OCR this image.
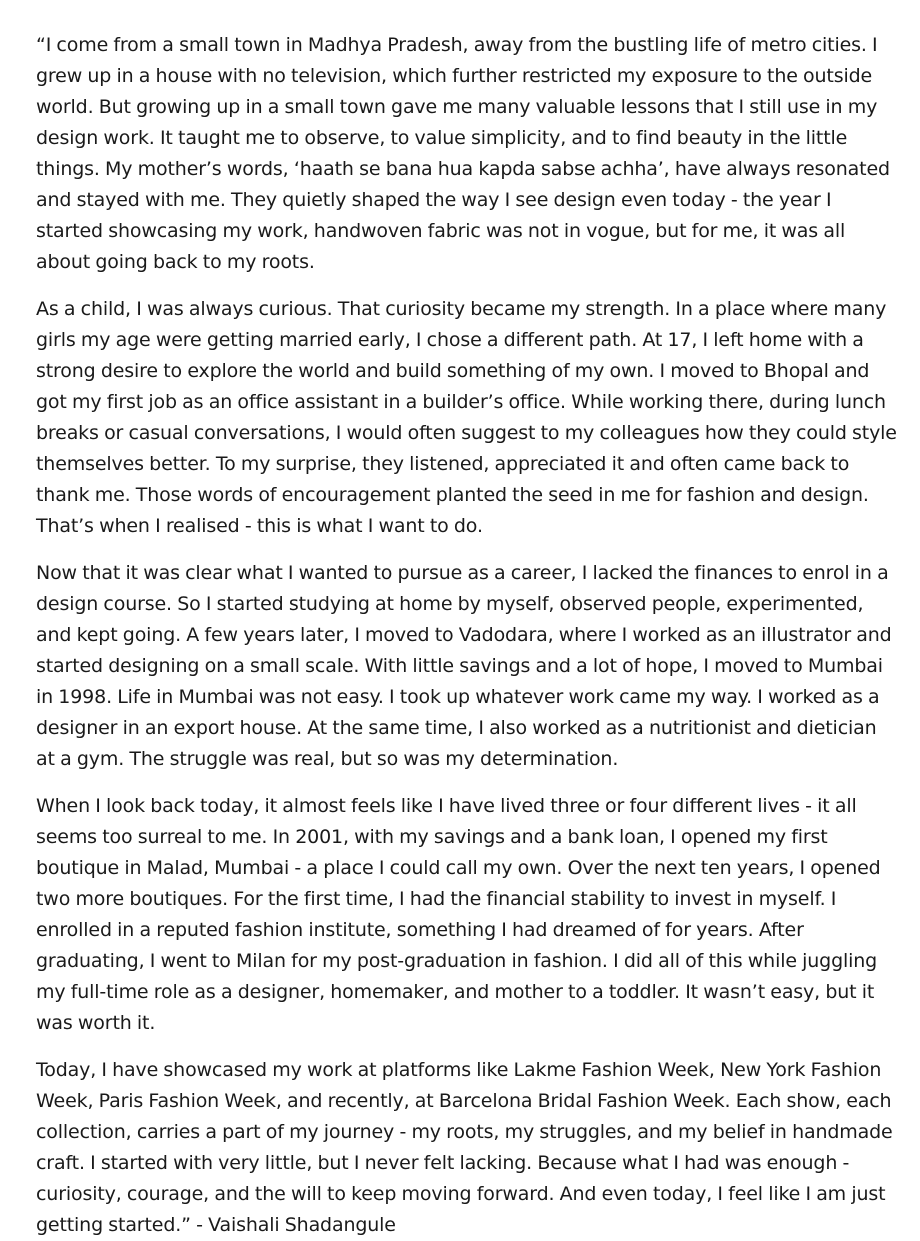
“I come from a small town in Madhya Pradesh, away from the bustling life of metro cities. I grew up in a house with no television, which further restricted my exposure to the outside world. But growing up in a small town gave me many valuable lessons that I still use in my design work. It taught me to observe, to value simplicity, and to find beauty in the little things. My mother’s words, ‘haath se bana hua kapda sabse achha’, have always resonated and stayed with me. They quietly shaped the way I see design even today - the year I started showcasing my work, handwoven fabric was not in vogue, but for me, it was all about going back to my roots.

As a child, I was always curious. That curiosity became my strength. In a place where many girls my age were getting married early, I chose a different path. At 17, I left home with a strong desire to explore the world and build something of my own. I moved to Bhopal and got my first job as an office assistant in a builder’s office. While working there, during lunch breaks or casual conversations, I would often suggest to my colleagues how they could style themselves better. To my surprise, they listened, appreciated it and often came back to thank me. Those words of encouragement planted the seed in me for fashion and design. That’s when I realised - this is what I want to do.

Now that it was clear what I wanted to pursue as a career, I lacked the finances to enrol in a design course. So I started studying at home by myself, observed people, experimented, and kept going. A few years later, I moved to Vadodara, where I worked as an illustrator and started designing on a small scale. With little savings and a lot of hope, I moved to Mumbai in 1998. Life in Mumbai was not easy. I took up whatever work came my way. I worked as a designer in an export house. At the same time, I also worked as a nutritionist and dietician at a gym. The struggle was real, but so was my determination.

When I look back today, it almost feels like I have lived three or four different lives - it all seems too surreal to me. In 2001, with my savings and a bank loan, I opened my first boutique in Malad, Mumbai - a place I could call my own. Over the next ten years, I opened two more boutiques. For the first time, I had the financial stability to invest in myself. I enrolled in a reputed fashion institute, something I had dreamed of for years. After graduating, I went to Milan for my post-graduation in fashion. I did all of this while juggling my full-time role as a designer, homemaker, and mother to a toddler. It wasn’t easy, but it was worth it.

Today, I have showcased my work at platforms like Lakme Fashion Week, New York Fashion Week, Paris Fashion Week, and recently, at Barcelona Bridal Fashion Week. Each show, each collection, carries a part of my journey - my roots, my struggles, and my belief in handmade craft. I started with very little, but I never felt lacking. Because what I had was enough - curiosity, courage, and the will to keep moving forward. And even today, I feel like I am just getting started.” - Vaishali Shadangule
